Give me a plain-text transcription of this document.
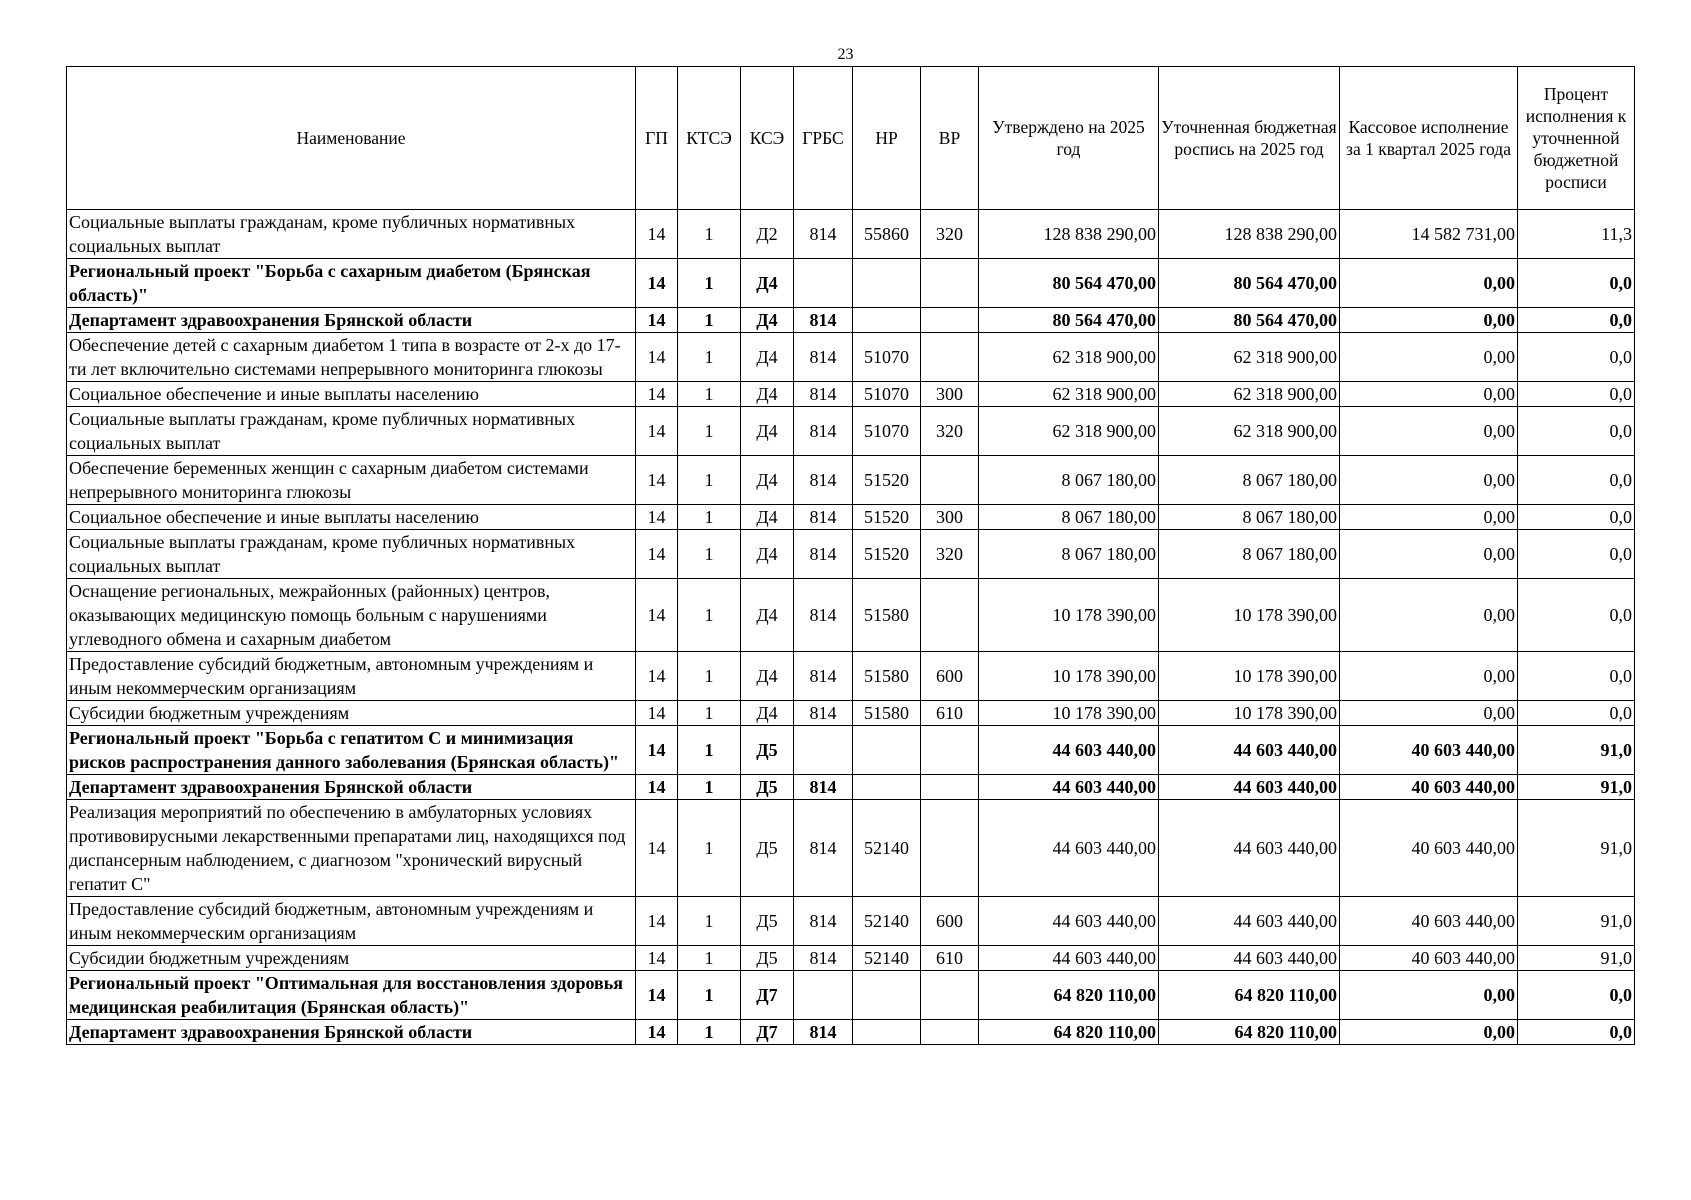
23
Наименование	ГП	КТСЭ	КСЭ	ГРБС	НР	ВР	Утверждено на 2025 год	Уточненная бюджетная роспись на 2025 год	Кассовое исполнение за 1 квартал 2025 года	Процент исполнения к уточненной бюджетной росписи
Социальные выплаты гражданам, кроме публичных нормативных социальных выплат	14	1	Д2	814	55860	320	128 838 290,00	128 838 290,00	14 582 731,00	11,3
Региональный проект "Борьба с сахарным диабетом (Брянская область)"	14	1	Д4				80 564 470,00	80 564 470,00	0,00	0,0
Департамент здравоохранения Брянской области	14	1	Д4	814			80 564 470,00	80 564 470,00	0,00	0,0
Обеспечение детей с сахарным диабетом 1 типа в возрасте от 2-х до 17-ти лет включительно системами непрерывного мониторинга глюкозы	14	1	Д4	814	51070		62 318 900,00	62 318 900,00	0,00	0,0
Социальное обеспечение и иные выплаты населению	14	1	Д4	814	51070	300	62 318 900,00	62 318 900,00	0,00	0,0
Социальные выплаты гражданам, кроме публичных нормативных социальных выплат	14	1	Д4	814	51070	320	62 318 900,00	62 318 900,00	0,00	0,0
Обеспечение беременных женщин с сахарным диабетом системами непрерывного мониторинга глюкозы	14	1	Д4	814	51520		8 067 180,00	8 067 180,00	0,00	0,0
Социальное обеспечение и иные выплаты населению	14	1	Д4	814	51520	300	8 067 180,00	8 067 180,00	0,00	0,0
Социальные выплаты гражданам, кроме публичных нормативных социальных выплат	14	1	Д4	814	51520	320	8 067 180,00	8 067 180,00	0,00	0,0
Оснащение региональных, межрайонных (районных) центров, оказывающих медицинскую помощь больным с нарушениями углеводного обмена и сахарным диабетом	14	1	Д4	814	51580		10 178 390,00	10 178 390,00	0,00	0,0
Предоставление субсидий бюджетным, автономным учреждениям и иным некоммерческим организациям	14	1	Д4	814	51580	600	10 178 390,00	10 178 390,00	0,00	0,0
Субсидии бюджетным учреждениям	14	1	Д4	814	51580	610	10 178 390,00	10 178 390,00	0,00	0,0
Региональный проект "Борьба с гепатитом С и минимизация рисков распространения данного заболевания (Брянская область)"	14	1	Д5				44 603 440,00	44 603 440,00	40 603 440,00	91,0
Департамент здравоохранения Брянской области	14	1	Д5	814			44 603 440,00	44 603 440,00	40 603 440,00	91,0
Реализация мероприятий по обеспечению в амбулаторных условиях противовирусными лекарственными препаратами лиц, находящихся под диспансерным наблюдением, с диагнозом "хронический вирусный гепатит С"	14	1	Д5	814	52140		44 603 440,00	44 603 440,00	40 603 440,00	91,0
Предоставление субсидий бюджетным, автономным учреждениям и иным некоммерческим организациям	14	1	Д5	814	52140	600	44 603 440,00	44 603 440,00	40 603 440,00	91,0
Субсидии бюджетным учреждениям	14	1	Д5	814	52140	610	44 603 440,00	44 603 440,00	40 603 440,00	91,0
Региональный проект "Оптимальная для восстановления здоровья медицинская реабилитация (Брянская область)"	14	1	Д7				64 820 110,00	64 820 110,00	0,00	0,0
Департамент здравоохранения Брянской области	14	1	Д7	814			64 820 110,00	64 820 110,00	0,00	0,0
